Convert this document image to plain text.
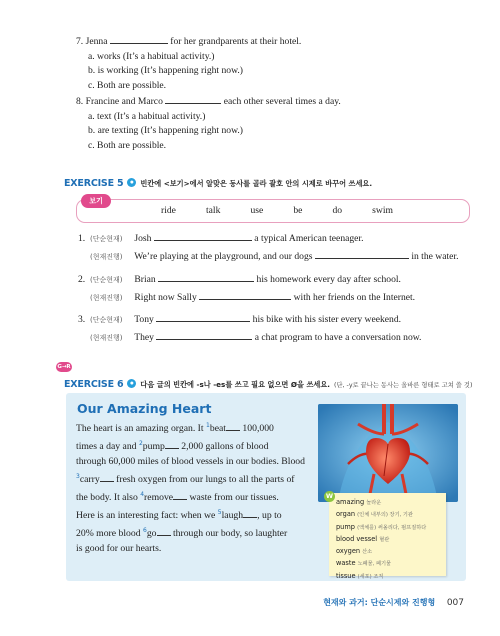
7. Jenna	for her grandparents at their hotel.
a. works (It’s a habitual activity.)
b. is working (It’s happening right now.)
c. Both are possible.
8. Francine and Marco	each other several times a day.
a. text (It’s a habitual activity.)
b. are texting (It’s happening right now.)
c. Both are possible.
EXERCISE 5 ● 빈칸에 <보기>에서 알맞은 동사를 골라 괄호 안의 시제로 바꾸어 쓰세요.
보기
ride	talk	use	be	do	swim
1. (단순현재) Josh	a typical American teenager.
(현재진행) We’re playing at the playground, and our dogs	in the water.
2. (단순현재) Brian	his homework every day after school.
(현재진행) Right now Sally	with her friends on the Internet.
3. (단순현재) Tony	his bike with his sister every weekend.
(현재진행) They	a chat program to have a conversation now.
G→R
EXERCISE 6 ● 다음 글의 빈칸에 -s나 -es를 쓰고 필요 없으면 Ø을 쓰세요. (단, -y로 끝나는 동사는 올바른 형태로 고쳐 쓸 것)
Our Amazing Heart
The heart is an amazing organ. It $^1$beat 100,000
times a day and $^2$pump 2,000 gallons of blood
through 60,000 miles of blood vessels in our bodies. Blood
$^3$carry fresh oxygen from our lungs to all the parts of
the body. It also $^4$remove waste from our tissues.
Here is an interesting fact: when we $^5$laugh , up to
20% more blood $^6$go through our body, so laughter
is good for our hearts.
W
amazing 놀라운
organ (인체 내부의) 장기, 기관
pump (액체를) 써올리다, 펌프질하다
blood vessel 혈관
oxygen 산소
waste 노폐물, 폐기물
tissue (세포) 조직
현재와 과거: 단순시제와 진행형 007
